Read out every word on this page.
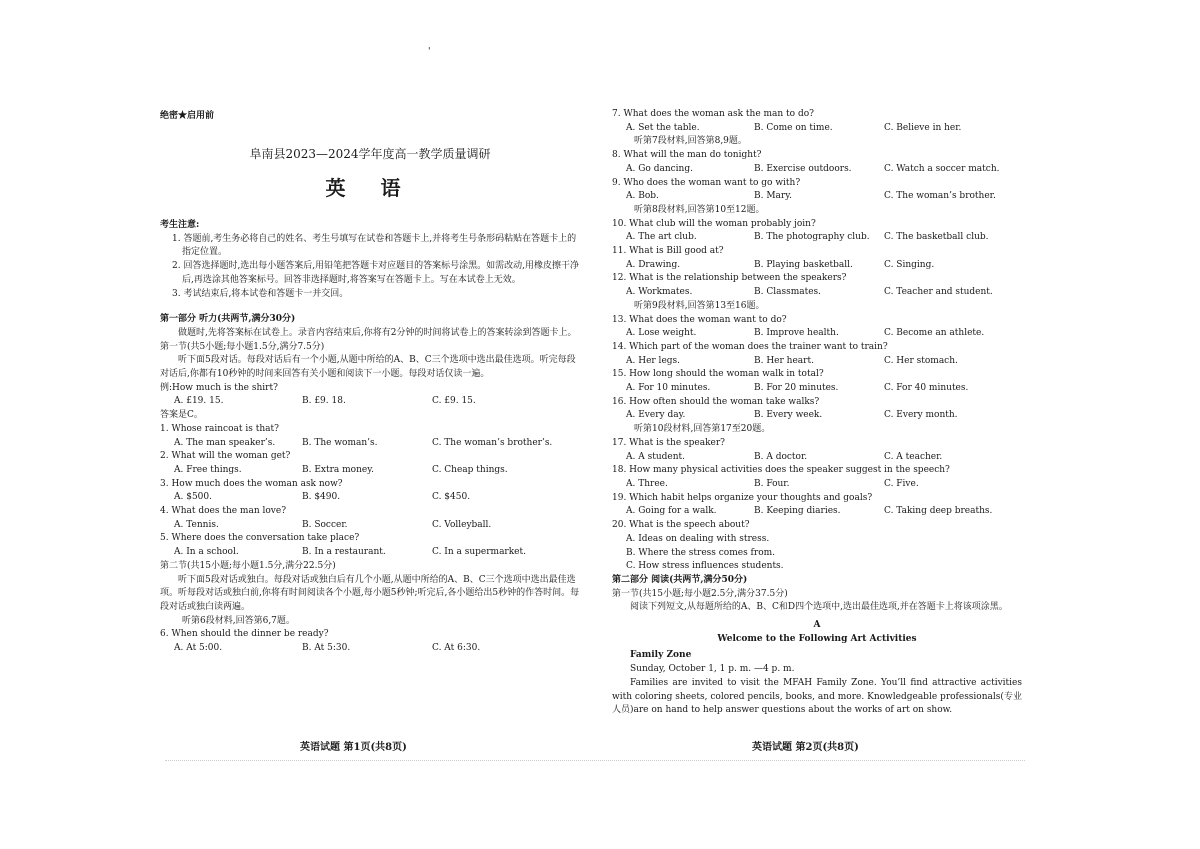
'
绝密★启用前
阜南县2023—2024学年度高一教学质量调研
英 语
考生注意:
1. 答题前,考生务必将自己的姓名、考生号填写在试卷和答题卡上,并将考生号条形码粘贴在答题卡上的指定位置。
2. 回答选择题时,选出每小题答案后,用铅笔把答题卡对应题目的答案标号涂黑。如需改动,用橡皮擦干净后,再选涂其他答案标号。回答非选择题时,将答案写在答题卡上。写在本试卷上无效。
3. 考试结束后,将本试卷和答题卡一并交回。
第一部分 听力(共两节,满分30分)
做题时,先将答案标在试卷上。录音内容结束后,你将有2分钟的时间将试卷上的答案转涂到答题卡上。
第一节(共5小题;每小题1.5分,满分7.5分)
听下面5段对话。每段对话后有一个小题,从题中所给的A、B、C三个选项中选出最佳选项。听完每段对话后,你都有10秒钟的时间来回答有关小题和阅读下一小题。每段对话仅读一遍。
例:How much is the shirt?
A. £19. 15.	B. £9. 18.	C. £9. 15.
答案是C。
1. Whose raincoat is that?
A. The man speaker’s.	B. The woman’s.	C. The woman’s brother’s.
2. What will the woman get?
A. Free things.	B. Extra money.	C. Cheap things.
3. How much does the woman ask now?
A. $500.	B. $490.	C. $450.
4. What does the man love?
A. Tennis.	B. Soccer.	C. Volleyball.
5. Where does the conversation take place?
A. In a school.	B. In a restaurant.	C. In a supermarket.
第二节(共15小题;每小题1.5分,满分22.5分)
听下面5段对话或独白。每段对话或独白后有几个小题,从题中所给的A、B、C三个选项中选出最佳选项。听每段对话或独白前,你将有时间阅读各个小题,每小题5秒钟;听完后,各小题给出5秒钟的作答时间。每段对话或独白读两遍。
听第6段材料,回答第6,7题。
6. When should the dinner be ready?
A. At 5:00.	B. At 5:30.	C. At 6:30.
7. What does the woman ask the man to do?
A. Set the table.	B. Come on time.	C. Believe in her.
听第7段材料,回答第8,9题。
8. What will the man do tonight?
A. Go dancing.	B. Exercise outdoors.	C. Watch a soccer match.
9. Who does the woman want to go with?
A. Bob.	B. Mary.	C. The woman’s brother.
听第8段材料,回答第10至12题。
10. What club will the woman probably join?
A. The art club.	B. The photography club.	C. The basketball club.
11. What is Bill good at?
A. Drawing.	B. Playing basketball.	C. Singing.
12. What is the relationship between the speakers?
A. Workmates.	B. Classmates.	C. Teacher and student.
听第9段材料,回答第13至16题。
13. What does the woman want to do?
A. Lose weight.	B. Improve health.	C. Become an athlete.
14. Which part of the woman does the trainer want to train?
A. Her legs.	B. Her heart.	C. Her stomach.
15. How long should the woman walk in total?
A. For 10 minutes.	B. For 20 minutes.	C. For 40 minutes.
16. How often should the woman take walks?
A. Every day.	B. Every week.	C. Every month.
听第10段材料,回答第17至20题。
17. What is the speaker?
A. A student.	B. A doctor.	C. A teacher.
18. How many physical activities does the speaker suggest in the speech?
A. Three.	B. Four.	C. Five.
19. Which habit helps organize your thoughts and goals?
A. Going for a walk.	B. Keeping diaries.	C. Taking deep breaths.
20. What is the speech about?
A. Ideas on dealing with stress.
B. Where the stress comes from.
C. How stress influences students.
第二部分 阅读(共两节,满分50分)
第一节(共15小题;每小题2.5分,满分37.5分)
阅读下列短文,从每题所给的A、B、C和D四个选项中,选出最佳选项,并在答题卡上将该项涂黑。
A
Welcome to the Following Art Activities
Family Zone
Sunday, October 1, 1 p. m. —4 p. m.
Families are invited to visit the MFAH Family Zone. You’ll find attractive activities with coloring sheets, colored pencils, books, and more. Knowledgeable professionals(专业人员)are on hand to help answer questions about the works of art on show.
英语试题 第1页(共8页)	英语试题 第2页(共8页)
